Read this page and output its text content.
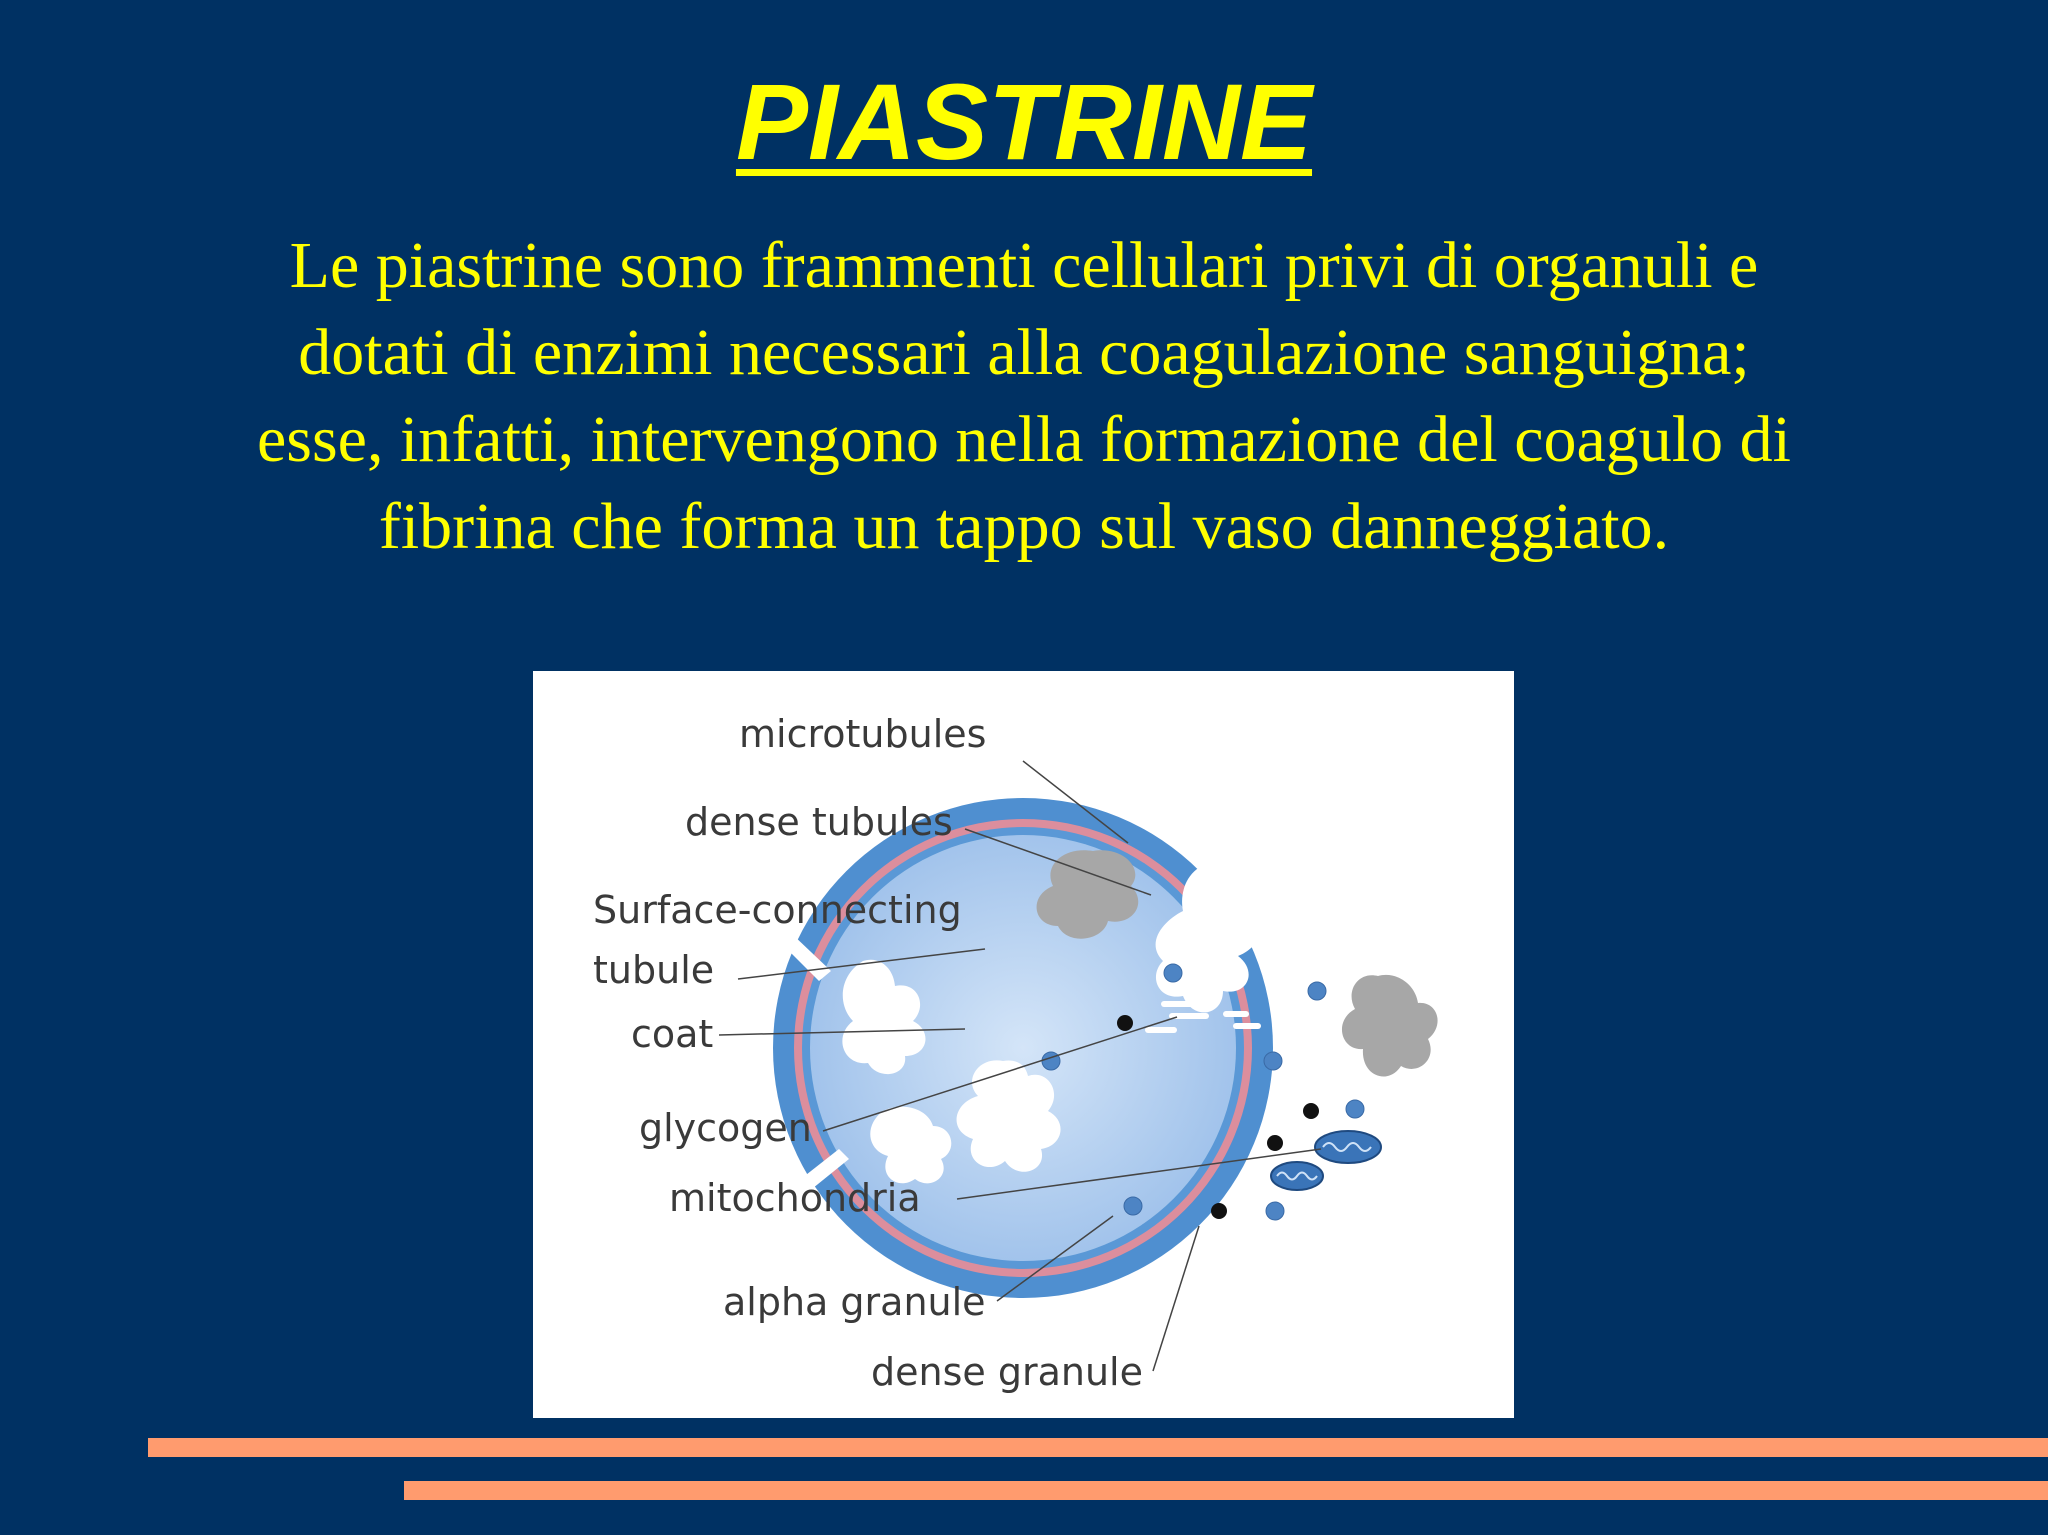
PIASTRINE
Le piastrine sono frammenti cellulari privi di organuli e
dotati di enzimi necessari alla coagulazione sanguigna;
esse, infatti, intervengono nella formazione del coagulo di
fibrina che forma un tappo sul vaso danneggiato.
microtubules
dense tubules
Surface-connecting
tubule
coat
glycogen
mitochondria
alpha granule
dense granule
